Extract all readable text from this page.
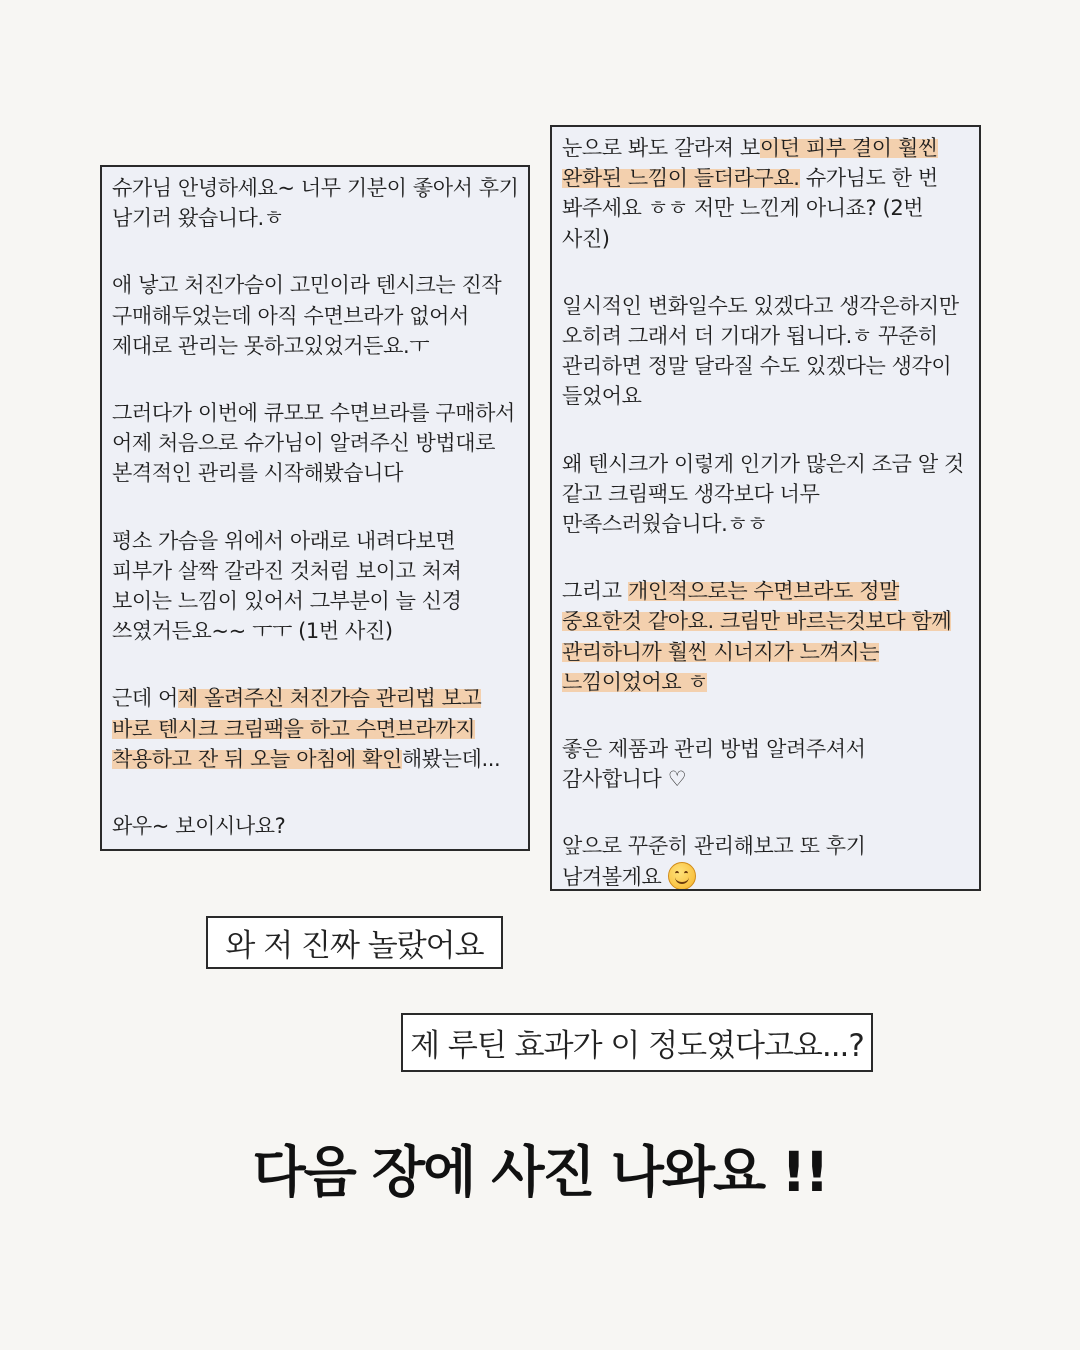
슈가님 안녕하세요~ 너무 기분이 좋아서 후기 남기러 왔습니다.ㅎ

애 낳고 처진가슴이 고민이라 텐시크는 진작 구매해두었는데 아직 수면브라가 없어서 제대로 관리는 못하고있었거든요.ㅜ

그러다가 이번에 큐모모 수면브라를 구매하서 어제 처음으로 슈가님이 알려주신 방법대로 본격적인 관리를 시작해봤습니다

평소 가슴을 위에서 아래로 내려다보면 피부가 살짝 갈라진 것처럼 보이고 처져 보이는 느낌이 있어서 그부분이 늘 신경 쓰였거든요~~ ㅜㅜ (1번 사진)

근데 어제 올려주신 처진가슴 관리법 보고 바로 텐시크 크림팩을 하고 수면브라까지 착용하고 잔 뒤 오늘 아침에 확인해봤는데...

와우~ 보이시나요?

눈으로 봐도 갈라져 보이던 피부 결이 훨씬 완화된 느낌이 들더라구요. 슈가님도 한 번 봐주세요 ㅎㅎ 저만 느낀게 아니죠? (2번 사진)

일시적인 변화일수도 있겠다고 생각은하지만 오히려 그래서 더 기대가 됩니다.ㅎ 꾸준히 관리하면 정말 달라질 수도 있겠다는 생각이 들었어요

왜 텐시크가 이렇게 인기가 많은지 조금 알 것 같고 크림팩도 생각보다 너무 만족스러웠습니다.ㅎㅎ

그리고 개인적으로는 수면브라도 정말 중요한것 같아요. 크림만 바르는것보다 함께 관리하니까 훨씬 시너지가 느껴지는 느낌이었어요 ㅎ

좋은 제품과 관리 방법 알려주셔서 감사합니다 ♡

앞으로 꾸준히 관리해보고 또 후기 남겨볼게요

와 저 진짜 놀랐어요
제 루틴 효과가 이 정도였다고요...?
다음 장에 사진 나와요 !!
